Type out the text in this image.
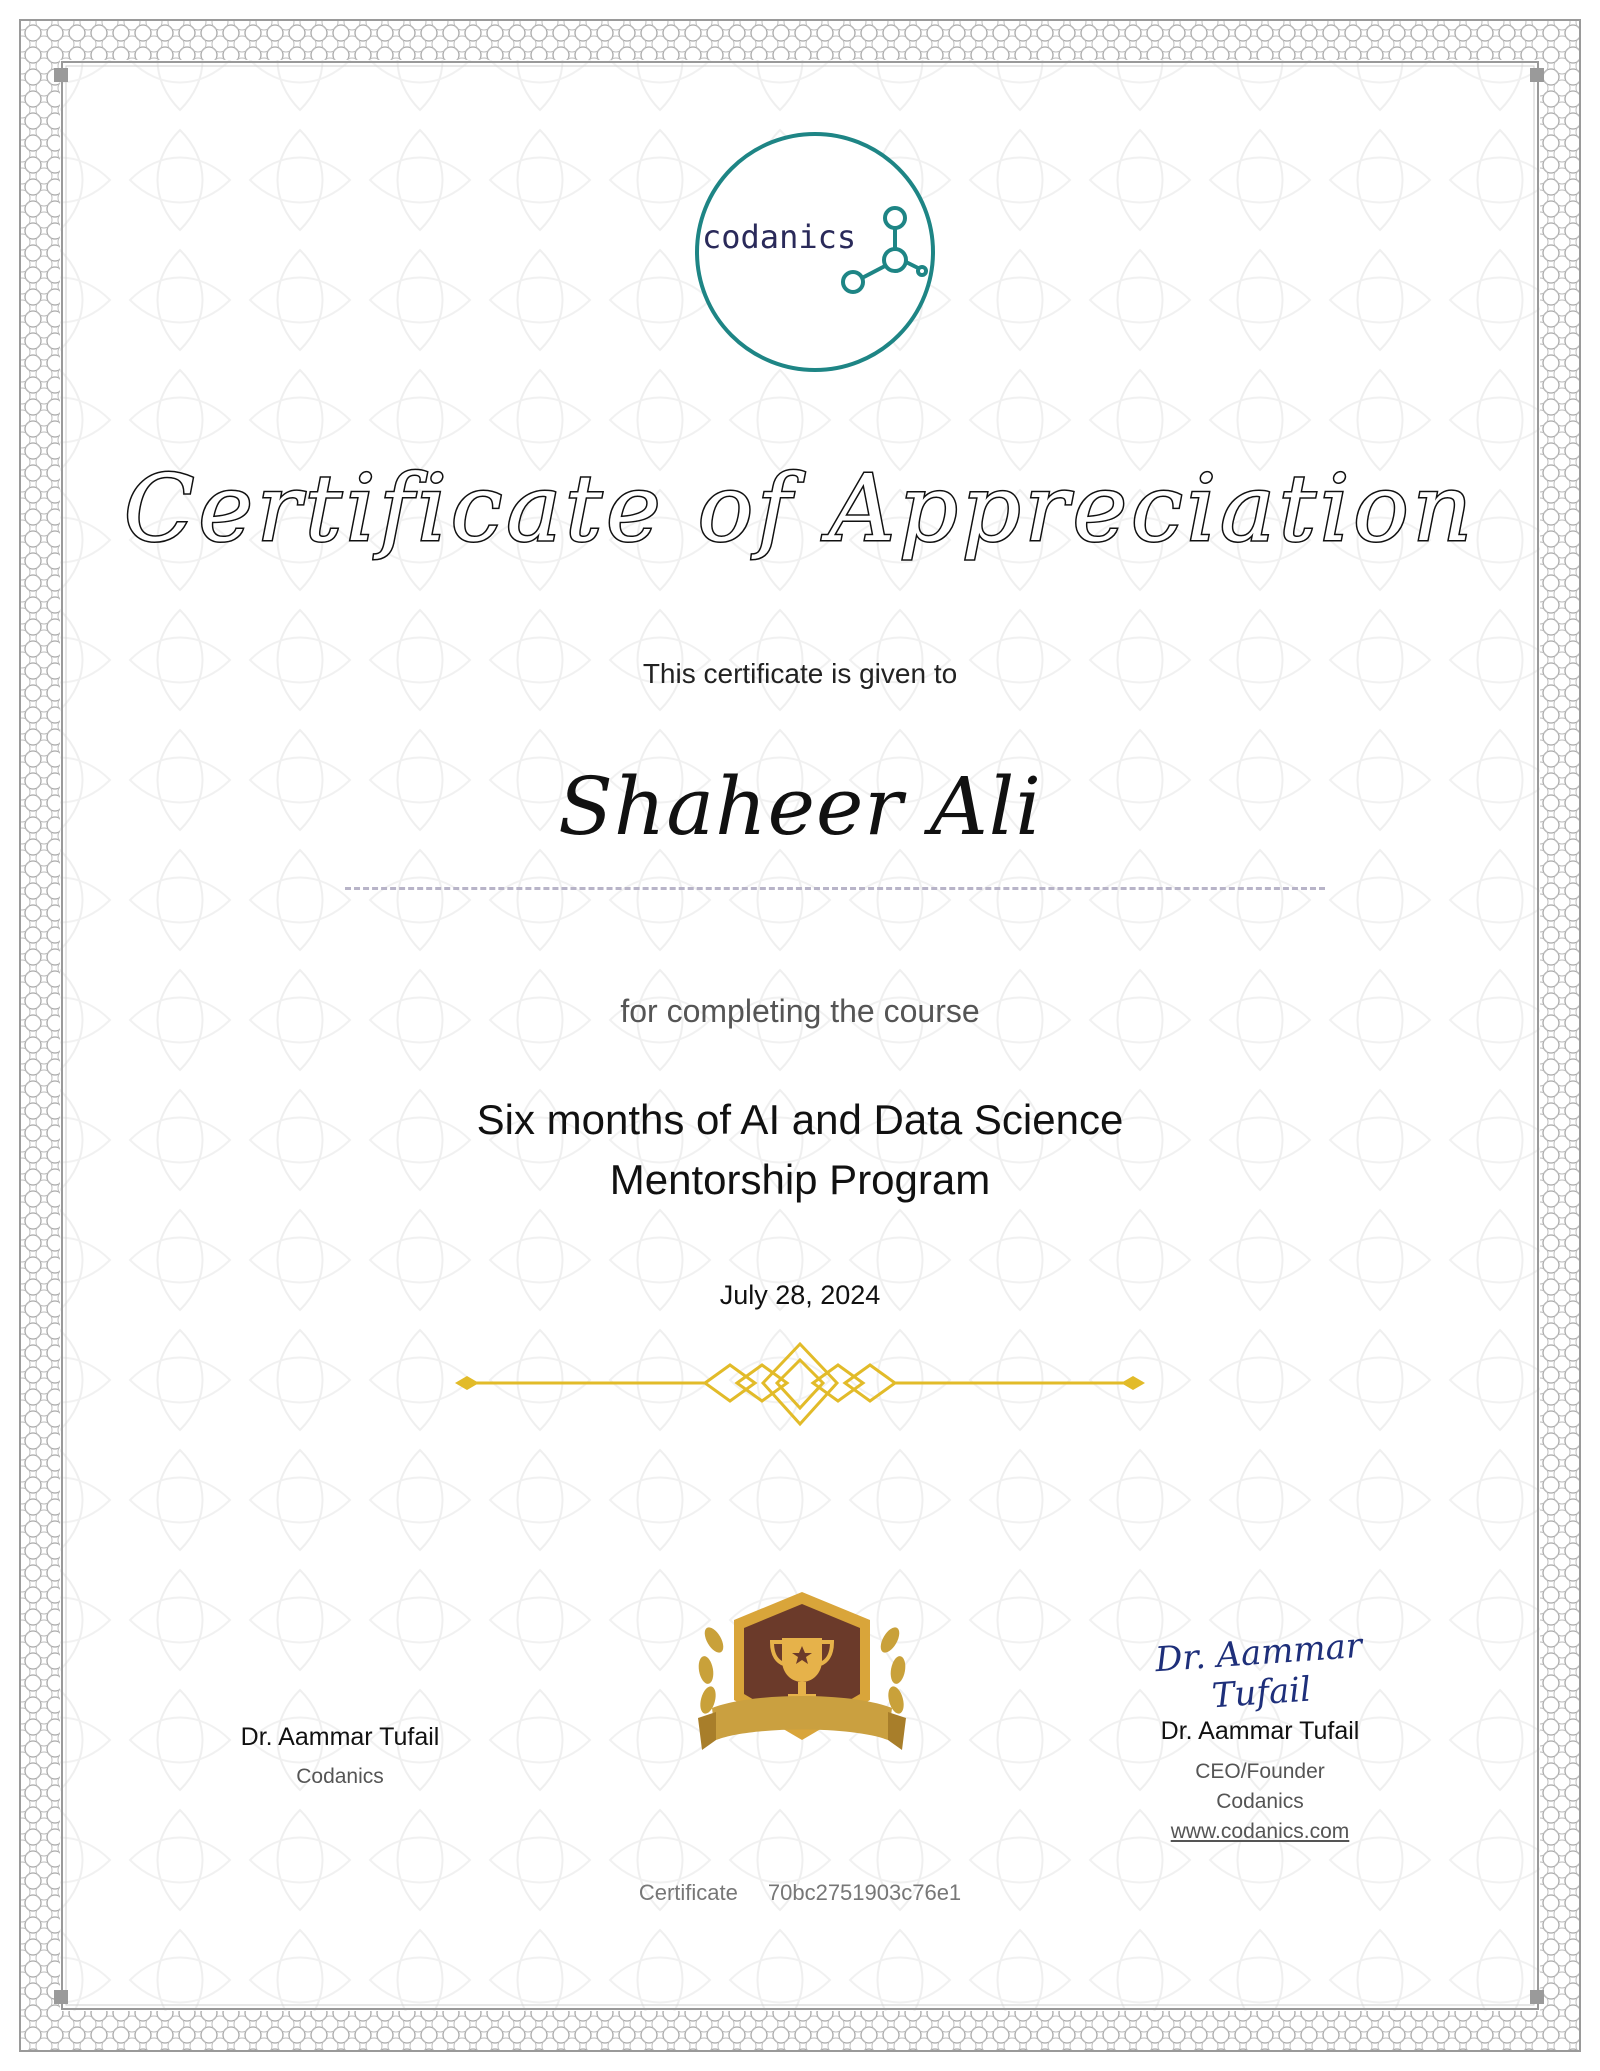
codanics
Certificate of Appreciation
This certificate is given to
Shaheer Ali
for completing the course
Six months of AI and Data Science
Mentorship Program
July 28, 2024
Dr. Aammar Tufail
Codanics
Dr. Aammar Tufail
Dr. Aammar Tufail
CEO/Founder
Codanics
www.codanics.com
Certificate 70bc2751903c76e1
